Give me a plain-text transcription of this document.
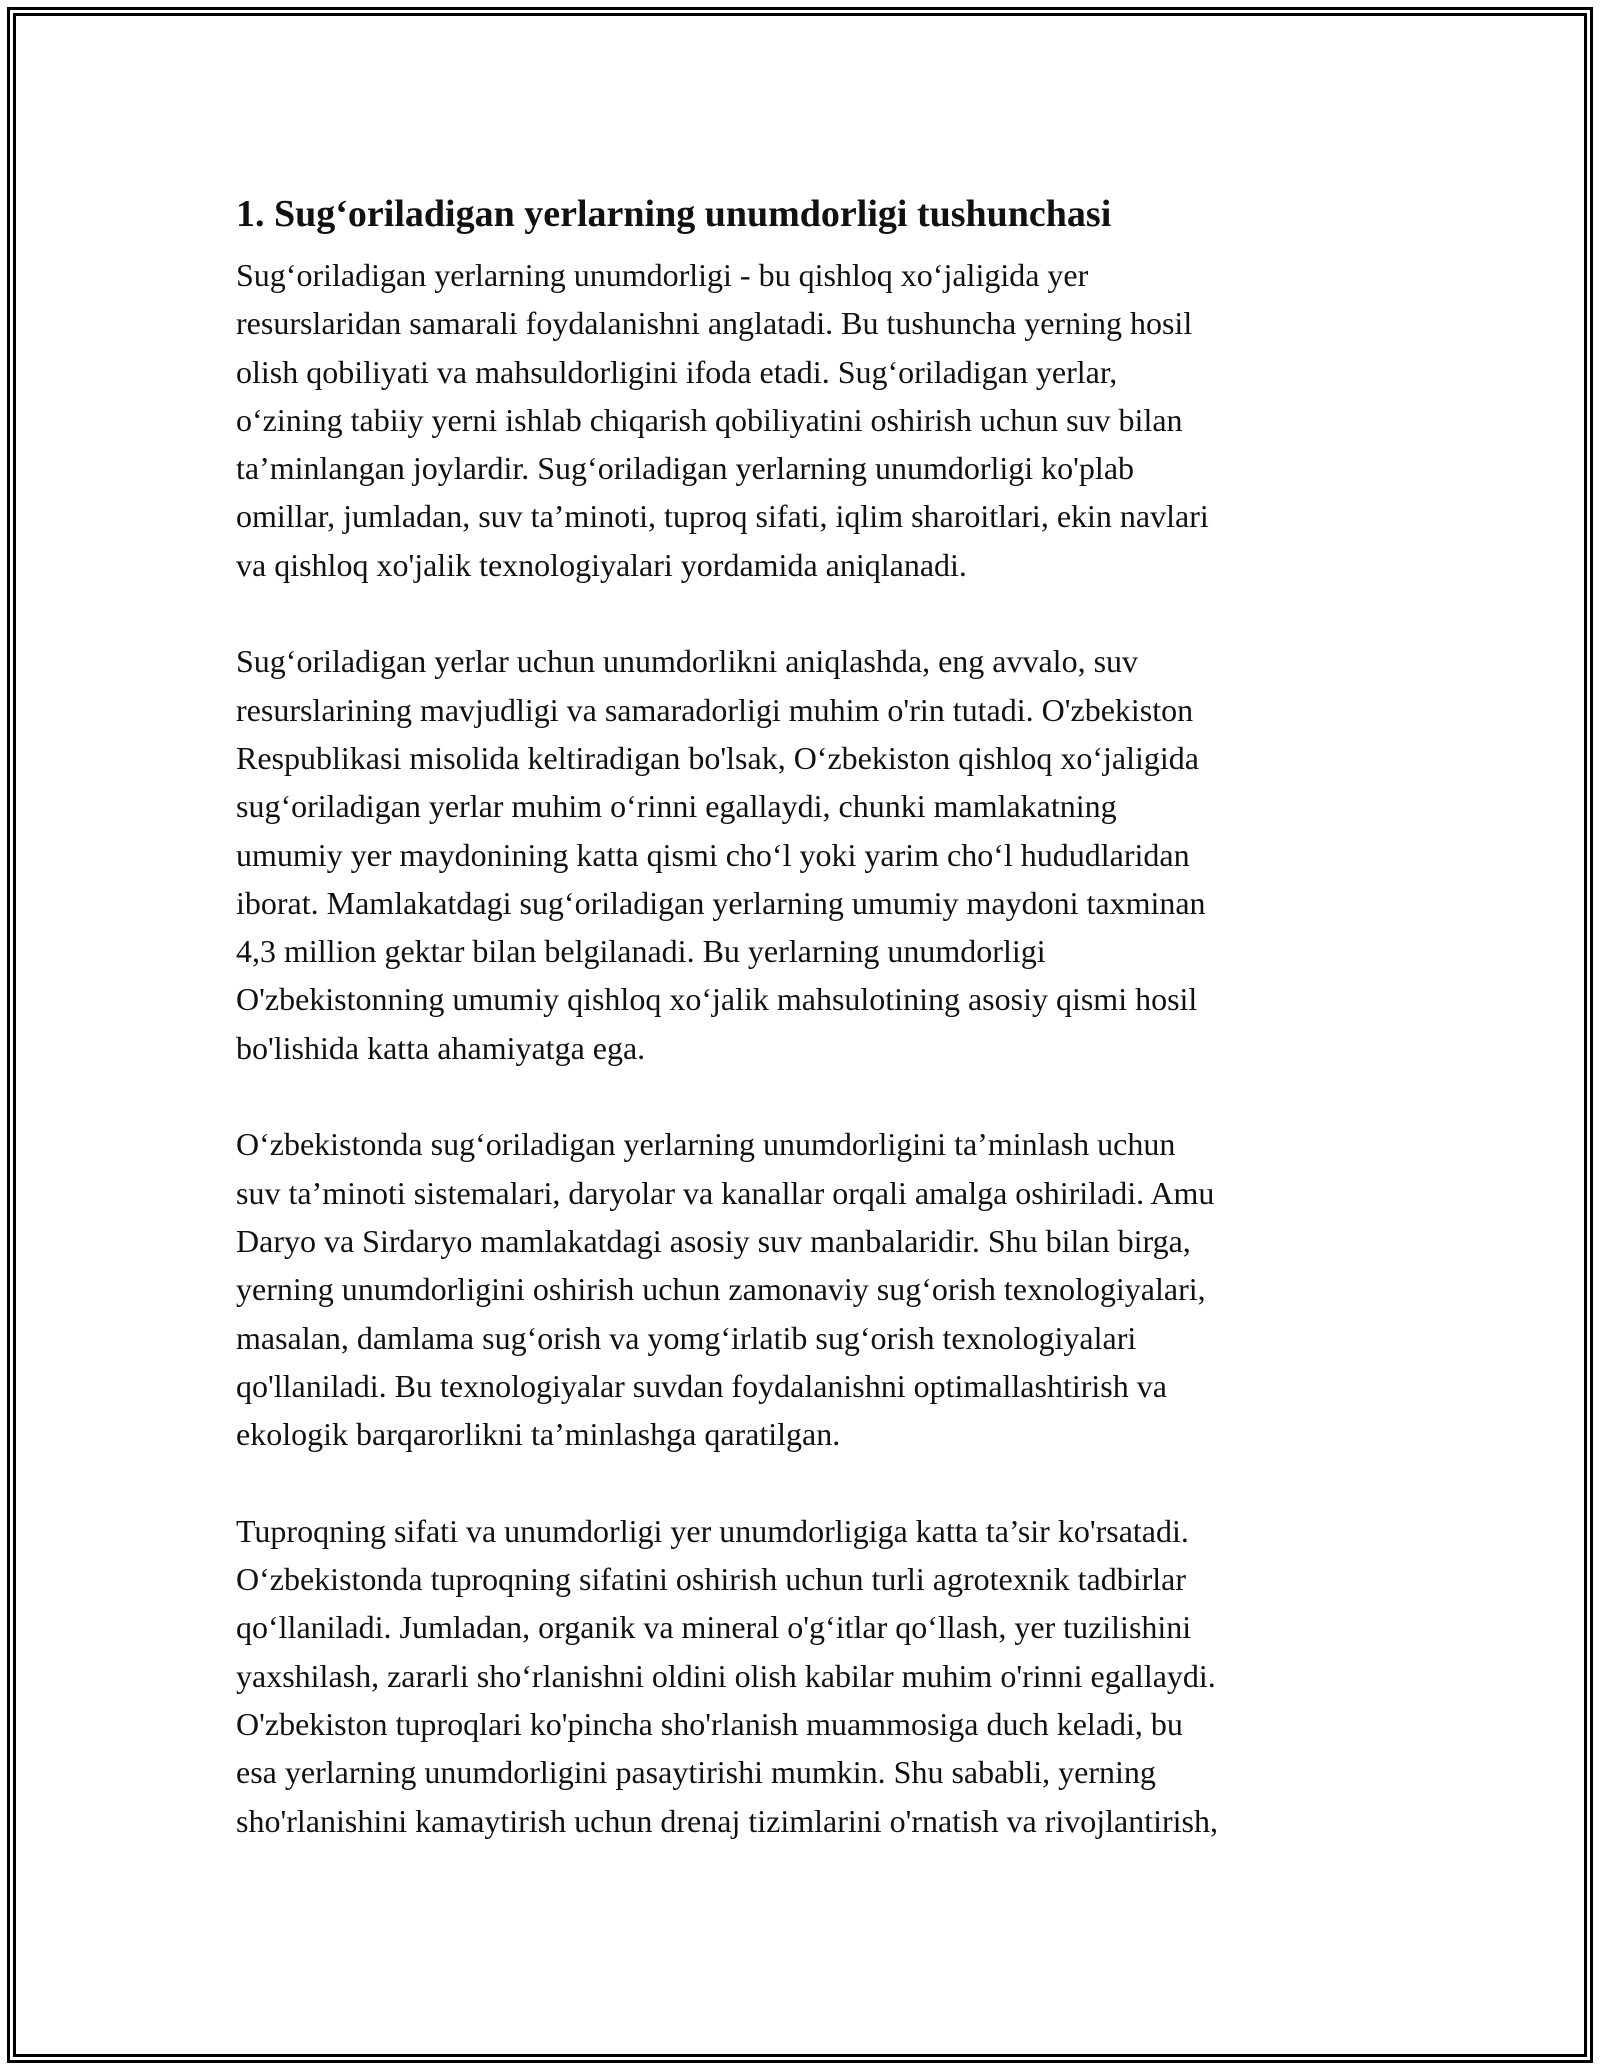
1. Sug‘oriladigan yerlarning unumdorligi tushunchasi

Sug‘oriladigan yerlarning unumdorligi - bu qishloq xo‘jaligida yer
resurslaridan samarali foydalanishni anglatadi. Bu tushuncha yerning hosil
olish qobiliyati va mahsuldorligini ifoda etadi. Sug‘oriladigan yerlar,
o‘zining tabiiy yerni ishlab chiqarish qobiliyatini oshirish uchun suv bilan
ta’minlangan joylardir. Sug‘oriladigan yerlarning unumdorligi ko'plab
omillar, jumladan, suv ta’minoti, tuproq sifati, iqlim sharoitlari, ekin navlari
va qishloq xo'jalik texnologiyalari yordamida aniqlanadi.

Sug‘oriladigan yerlar uchun unumdorlikni aniqlashda, eng avvalo, suv
resurslarining mavjudligi va samaradorligi muhim o'rin tutadi. O'zbekiston
Respublikasi misolida keltiradigan bo'lsak, O‘zbekiston qishloq xo‘jaligida
sug‘oriladigan yerlar muhim o‘rinni egallaydi, chunki mamlakatning
umumiy yer maydonining katta qismi cho‘l yoki yarim cho‘l hududlaridan
iborat. Mamlakatdagi sug‘oriladigan yerlarning umumiy maydoni taxminan
4,3 million gektar bilan belgilanadi. Bu yerlarning unumdorligi
O'zbekistonning umumiy qishloq xo‘jalik mahsulotining asosiy qismi hosil
bo'lishida katta ahamiyatga ega.

O‘zbekistonda sug‘oriladigan yerlarning unumdorligini ta’minlash uchun
suv ta’minoti sistemalari, daryolar va kanallar orqali amalga oshiriladi. Amu
Daryo va Sirdaryo mamlakatdagi asosiy suv manbalaridir. Shu bilan birga,
yerning unumdorligini oshirish uchun zamonaviy sug‘orish texnologiyalari,
masalan, damlama sug‘orish va yomg‘irlatib sug‘orish texnologiyalari
qo'llaniladi. Bu texnologiyalar suvdan foydalanishni optimallashtirish va
ekologik barqarorlikni ta’minlashga qaratilgan.

Tuproqning sifati va unumdorligi yer unumdorligiga katta ta’sir ko'rsatadi.
O‘zbekistonda tuproqning sifatini oshirish uchun turli agrotexnik tadbirlar
qo‘llaniladi. Jumladan, organik va mineral o'g‘itlar qo‘llash, yer tuzilishini
yaxshilash, zararli sho‘rlanishni oldini olish kabilar muhim o'rinni egallaydi.
O'zbekiston tuproqlari ko'pincha sho'rlanish muammosiga duch keladi, bu
esa yerlarning unumdorligini pasaytirishi mumkin. Shu sababli, yerning
sho'rlanishini kamaytirish uchun drenaj tizimlarini o'rnatish va rivojlantirish,
